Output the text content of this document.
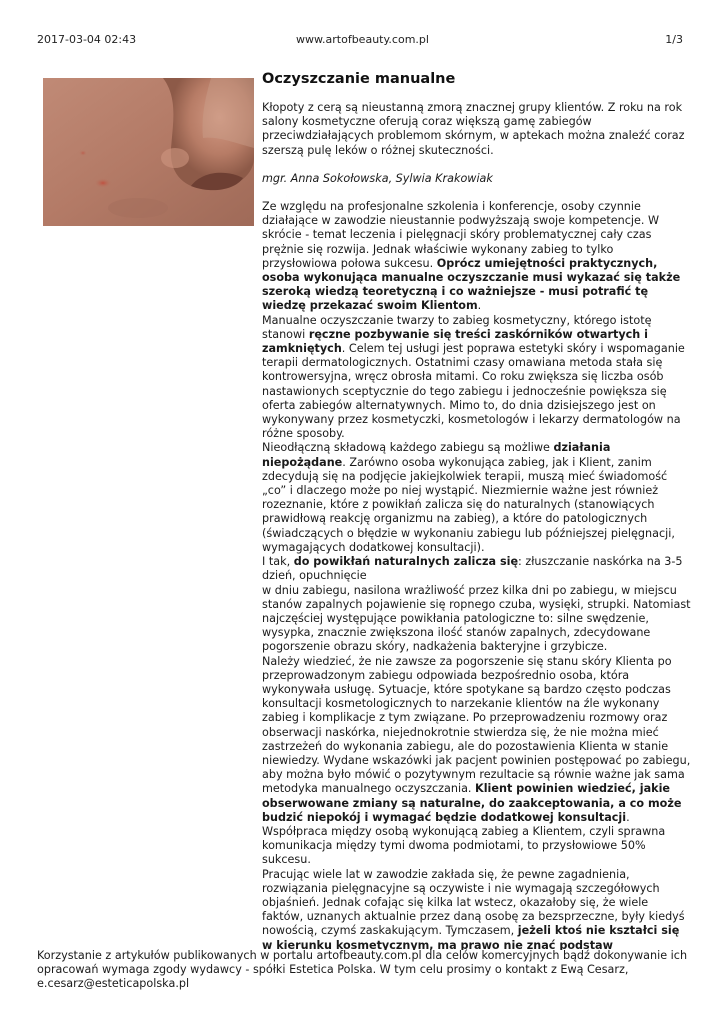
2017-03-04 02:43	www.artofbeauty.com.pl	1/3
Oczyszczanie manualne

Kłopoty z cerą są nieustanną zmorą znacznej grupy klientów. Z roku na rok salony kosmetyczne oferują coraz większą gamę zabiegów przeciwdziałających problemom skórnym, w aptekach można znaleźć coraz szerszą pulę leków o różnej skuteczności.

mgr. Anna Sokołowska, Sylwia Krakowiak

Ze względu na profesjonalne szkolenia i konferencje, osoby czynnie działające w zawodzie nieustannie podwyższają swoje kompetencje. W skrócie - temat leczenia i pielęgnacji skóry problematycznej cały czas prężnie się rozwija. Jednak właściwie wykonany zabieg to tylko przysłowiowa połowa sukcesu. Oprócz umiejętności praktycznych, osoba wykonująca manualne oczyszczanie musi wykazać się także szeroką wiedzą teoretyczną i co ważniejsze - musi potrafić tę wiedzę przekazać swoim Klientom.

Manualne oczyszczanie twarzy to zabieg kosmetyczny, którego istotę stanowi ręczne pozbywanie się treści zaskórników otwartych i zamkniętych. Celem tej usługi jest poprawa estetyki skóry i wspomaganie terapii dermatologicznych. Ostatnimi czasy omawiana metoda stała się kontrowersyjna, wręcz obrosła mitami. Co roku zwiększa się liczba osób nastawionych sceptycznie do tego zabiegu i jednocześnie powiększa się oferta zabiegów alternatywnych. Mimo to, do dnia dzisiejszego jest on wykonywany przez kosmetyczki, kosmetologów i lekarzy dermatologów na różne sposoby.

Nieodłączną składową każdego zabiegu są możliwe działania niepożądane. Zarówno osoba wykonująca zabieg, jak i Klient, zanim zdecydują się na podjęcie jakiejkolwiek terapii, muszą mieć świadomość „co” i dlaczego może po niej wystąpić. Niezmiernie ważne jest również rozeznanie, które z powikłań zalicza się do naturalnych (stanowiących prawidłową reakcję organizmu na zabieg), a które do patologicznych (świadczących o błędzie w wykonaniu zabiegu lub późniejszej pielęgnacji, wymagających dodatkowej konsultacji).

I tak, do powikłań naturalnych zalicza się: złuszczanie naskórka na 3-5 dzień, opuchnięcie

w dniu zabiegu, nasilona wrażliwość przez kilka dni po zabiegu, w miejscu stanów zapalnych pojawienie się ropnego czuba, wysięki, strupki. Natomiast najczęściej występujące powikłania patologiczne to: silne swędzenie, wysypka, znacznie zwiększona ilość stanów zapalnych, zdecydowane pogorszenie obrazu skóry, nadkażenia bakteryjne i grzybicze.

Należy wiedzieć, że nie zawsze za pogorszenie się stanu skóry Klienta po przeprowadzonym zabiegu odpowiada bezpośrednio osoba, która wykonywała usługę. Sytuacje, które spotykane są bardzo często podczas konsultacji kosmetologicznych to narzekanie klientów na źle wykonany zabieg i komplikacje z tym związane. Po przeprowadzeniu rozmowy oraz obserwacji naskórka, niejednokrotnie stwierdza się, że nie można mieć zastrzeżeń do wykonania zabiegu, ale do pozostawienia Klienta w stanie niewiedzy. Wydane wskazówki jak pacjent powinien postępować po zabiegu, aby można było mówić o pozytywnym rezultacie są równie ważne jak sama metodyka manualnego oczyszczania. Klient powinien wiedzieć, jakie obserwowane zmiany są naturalne, do zaakceptowania, a co może budzić niepokój i wymagać będzie dodatkowej konsultacji. Współpraca między osobą wykonującą zabieg a Klientem, czyli sprawna komunikacja między tymi dwoma podmiotami, to przysłowiowe 50% sukcesu.

Pracując wiele lat w zawodzie zakłada się, że pewne zagadnienia, rozwiązania pielęgnacyjne są oczywiste i nie wymagają szczegółowych objaśnień. Jednak cofając się kilka lat wstecz, okazałoby się, że wiele faktów, uznanych aktualnie przez daną osobę za bezsprzeczne, były kiedyś nowością, czymś zaskakującym. Tymczasem, jeżeli ktoś nie kształci się w kierunku kosmetycznym, ma prawo nie znać podstaw

Korzystanie z artykułów publikowanych w portalu artofbeauty.com.pl dla celów komercyjnych bądź dokonywanie ich opracowań wymaga zgody wydawcy - spółki Estetica Polska. W tym celu prosimy o kontakt z Ewą Cesarz, e.cesarz@esteticapolska.pl
